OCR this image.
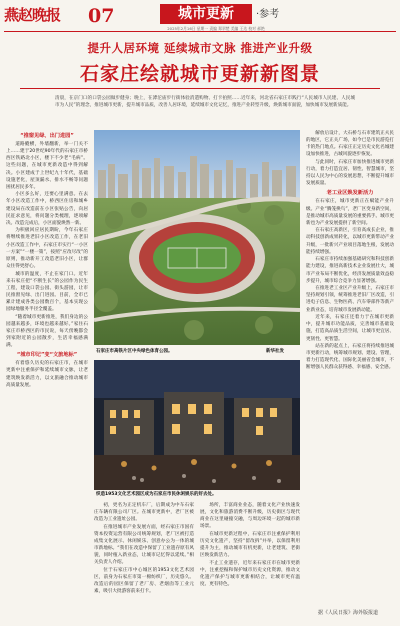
燕赵晚报 07	城市更新	·参考
2025年2月16日 星期一 责编 郑翠楚 美编 王达 校对 郝艳
提升人居环境 延续城市文脉 推进产业升级
石家庄绘就城市更新新图景
清晨，在京门口的口袋公园做步健身；晚上，在滹沱庙步行街体验消遣购物、打卡拍照……近年来，河北省石家庄市践行“人民城市人民建、人民城市为人民”的理念，推进城市更新，提升城市品质，改善人居环境，延续城市文化记忆，推进产业转型升级，焕新城市面貌，加快城市发展新质能。
“推窗见绿、出门进园”

道路縱横，外墙翻新，举一门关不上……建于20世纪90年代的石家庄市桥西区铁路北小区，楼下不少老“毛病”。这些问题，在城市更新改造中得到解决。小区建成于上世纪九十年代，基础设施老化，屋顶漏水、排水不畅等问题困扰居民多年。

小区多么好，还要心里满意。在去年小区改造工作中，桥西区住房和城乡建设局在改造前在小区张贴公告，向居民征求意见，将问题分类梳理，逐项解决。改造完成后，小区面貌焕然一新。

为积极回应居民期盼，今年石家庄将继续推进老旧小区改造工作，在老旧小区改造工作中，石家庄市实行“一小区一方案”“一楼一策”，按照“应改尽改”的原则，推动新开工改造老旧小区，让群众住得更舒心。

城市的温度，不止在家门口。近年来石家庄把“不断生长”的公园作为民生工程，建设口袋公园、街头游园，让市民推窗见绿、出门进园。目前，全市已累计建成各类公园数百个，基本实现公园绿地服务半径全覆盖。

“随着城市更新推进，我们身边的公园越来越多，环境也越来越好。”家住石家庄市桥西区的市民说，每天傍晚都会到家附近的公园散步，生活幸福感满满。

“城市印记”变“文旅地标”

有着悠久历史的石家庄市，在城市更新中注重保护和延续城市文脉，让老建筑焕发新活力，以文旅融合推动城市高质量发展。

石家庄市高铁片区中央绿色体育公园。	新华社发
织造1953文化艺术园区成为石家庄市民休闲娱乐的好去处。

初，更名为正定机车厂，后期成为中车石家庄车辆有限公司厂区。在城市更新中，老厂区被改造为工业遗址公园。

在推进城市产业发展方面，经石家庄市国有资本投资运营有限公司统筹规划，老厂区被打造成集文化展示、休闲娱乐、创意办公为一体的城市新地标。“我们在改造中保留了工业遗存原有风貌，同时植入新业态，让城市记忆得以延续。”相关负责人介绍。

位于石家庄市中心城区的1953文化艺术园区，前身为石家庄市第一棉纺织厂，历史悠久。改造后的园区保留了老厂房、老烟囱等工业元素，吸引大批游客前来打卡。

场所，丰富商业业态，随着文化产业快速发展，文化和旅游消费不断升级，历史街区与现代商业在这里碰撞交融，与周边环境一起的城市新场景。

在城市更新过程中，石家庄市注重保护利用历史文化遗产，坚持“留改拆”并举，以保留利用提升为主，推动城市有机更新，让老建筑、老街区焕发新活力。

不止工业遗存，近年来石家庄市在城市更新中，注重挖掘和保护城市历史文化资源，推动文化遗产保护与城市更新相结合，让城市更有温度、更有特色。

解放后设计，大石桥与石市建筑正夫民的地区，它正关广场，如今已是市民游览打卡的热门地点。石家庄正定历史文化名城建设加快推进，古城风貌逐步恢复。

与此同时，石家庄市加快推进城市更新行动，着力打造宜居、韧性、智慧城市，坚持以人民为中心的发展思想，不断提升城市发展质量。

老工业区焕发新活力

在石家庄，城市更新正在赋能产业升级。产业“腾笼换鸟”，老厂区变身新空间，是推动城市高质量发展的重要抓手。城市更新也为产业发展提供了新空间。

在石家庄高新区，引育高成长企业，推动科技创新成果转化，以城市更新带动产业升级，一批新兴产业项目落地生根，发展动能持续增强。

石家庄市持续加强基础研究和科技创新能力建设，推进高新技术企业发展壮大，城市产业布局不断优化，经济发展质量效益稳步提升，城市综合竞争力显著增强。

在推进老工业区产业升级上，石家庄市坚持规划引领，统筹推进老旧厂区改造，引进电子信息、生物医药、汽车零部件等新产业新业态，培育城市发展新动能。

近年来，石家庄还着力于在城市更新中，提升城市功能品质，完善城市基础设施，打造高品质生活空间，让城市更宜居、更韧性、更智慧。

站在新的起点上，石家庄将持续推进城市更新行动，统筹城市规划、建设、管理，着力打造现代化、国际化美丽省会城市，不断增强人民群众获得感、幸福感、安全感。

据《人民日报》海外版报道
